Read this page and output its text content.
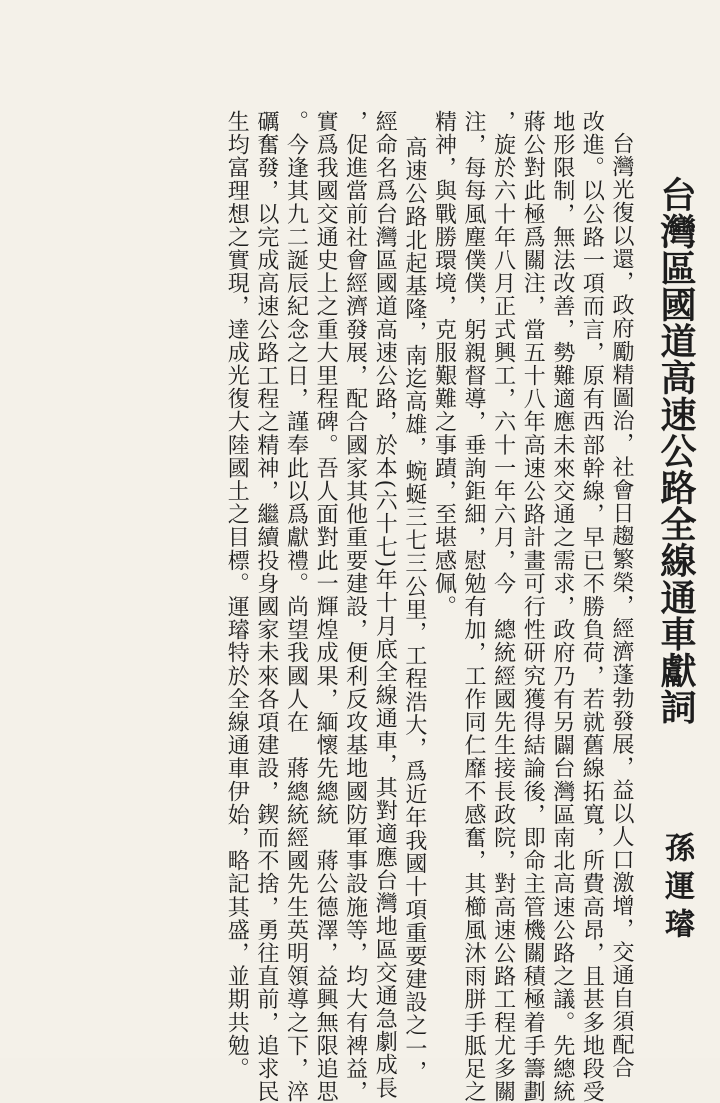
台灣區國道高速公路全線通車獻詞
孫運璿

台灣光復以還，政府勵精圖治，社會日趨繁榮，經濟蓬勃發展，益以人口激增，交通自須配合

改進。以公路一項而言，原有西部幹線，早已不勝負荷，若就舊線拓寬，所費高昂，且甚多地段受

地形限制，無法改善，勢難適應未來交通之需求，政府乃有另闢台灣區南北高速公路之議。先總統

蔣公對此極爲關注，當五十八年高速公路計畫可行性研究獲得結論後，即命主管機關積極着手籌劃

，旋於六十年八月正式興工，六十一年六月，今　總統經國先生接長政院，對高速公路工程尤多關

注，每每風塵僕僕，躬親督導，垂詢鉅細，慰勉有加，工作同仁靡不感奮，其櫛風沐雨胼手胝足之

精神，與戰勝環境，克服艱難之事蹟，至堪感佩。

高速公路北起基隆，南迄高雄，蜿蜒三七三公里，工程浩大，爲近年我國十項重要建設之一，

經命名爲台灣區國道高速公路，於本(六十七)年十月底全線通車，其對適應台灣地區交通急劇成長

，促進當前社會經濟發展，配合國家其他重要建設，便利反攻基地國防軍事設施等，均大有裨益，

實爲我國交通史上之重大里程碑。吾人面對此一輝煌成果，緬懷先總統　蔣公德澤，益興無限追思

。今逢其九二誕辰紀念之日，謹奉此以爲獻禮。尚望我國人在　蔣總統經國先生英明領導之下，淬

礪奮發，以完成高速公路工程之精神，繼續投身國家未來各項建設，鍥而不捨，勇往直前，追求民

生均富理想之實現，達成光復大陸國土之目標。運璿特於全線通車伊始，略記其盛，並期共勉。
